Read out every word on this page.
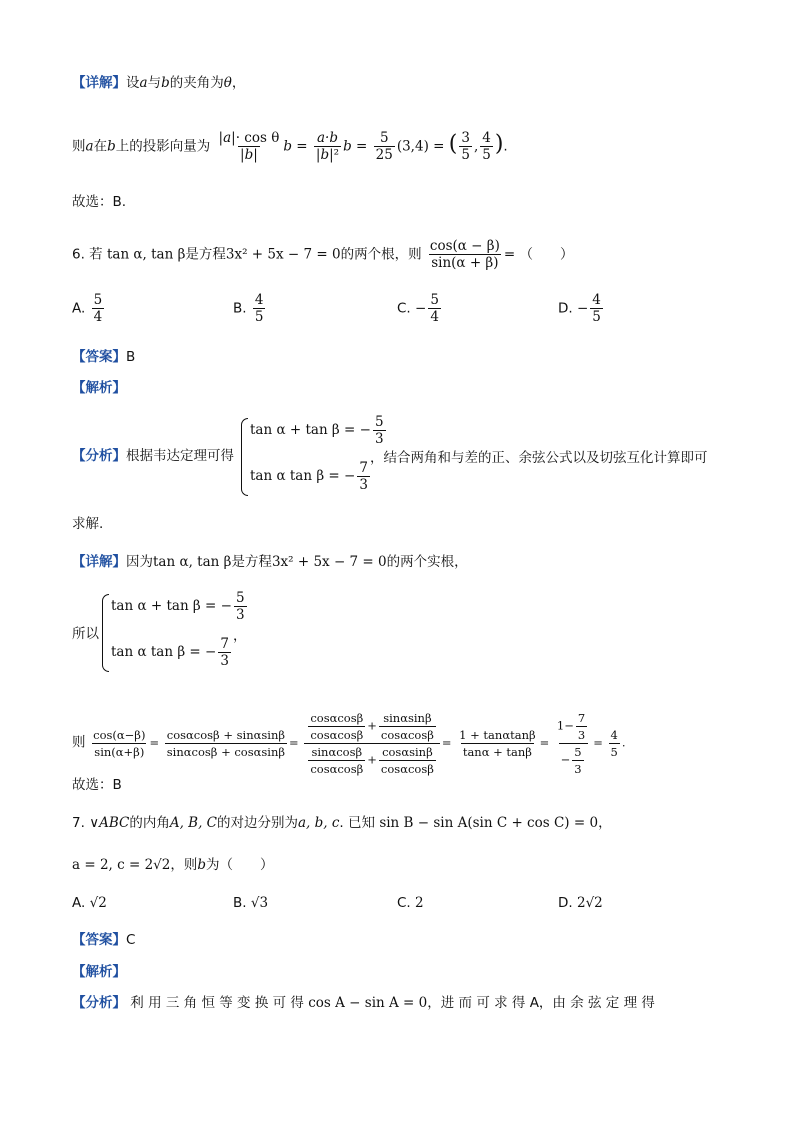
【详解】设a与b的夹角为θ，
则a在b上的投影向量为 $\frac{\text{|a|· cos θ}}{|b|}$ $b = \frac{a\cdot b}{\text{|b|²}}$ $b = \frac{5}{25} (3,4)$ = ( $\frac{3}{5}$ , $\frac{4}{5}$ ).
故选：B.
6. 若 tan α, tan β是方程3x² + 5x − 7 = 0的两个根，则 $\frac{\cos(\alpha - \beta)}{\sin(\alpha + \beta)}$ = （　　）
A. $\frac{5}{4}$	B. $\frac{4}{5}$	C. − $\frac{5}{4}$	D. − $\frac{4}{5}$
【答案】B
【解析】
【分析】根据韦达定理可得
tan α + tan β = − $\frac{5}{3}$
tan α tan β = − $\frac{7}{3}$
，结合两角和与差的正、余弦公式以及切弦互化计算即可
求解.
【详解】因为tan α, tan β是方程3x² + 5x − 7 = 0的两个实根，
所以
tan α + tan β = − $\frac{5}{3}$
tan α tan β = − $\frac{7}{3}$ ，
则 $\frac{\cos(\alpha-\beta)}{\sin(\alpha+\beta)} = \frac{\cos\alpha\cos\beta + \sin\alpha\sin\beta}{\sin\alpha\cos\beta + \cos\alpha\sin\beta} = \frac{\frac{\cos\alpha\cos\beta}{\cos\alpha\cos\beta} + \frac{\sin\alpha\sin\beta}{\cos\alpha\cos\beta}}{\frac{\sin\alpha\cos\beta}{\cos\alpha\cos\beta} + \frac{\cos\alpha\sin\beta}{\cos\alpha\cos\beta}} = \frac{1 + \tan\alpha\tan\beta}{\tan\alpha + \tan\beta} = \frac{1- \frac{7}{3}}{- \frac{5}{3}} = \frac{4}{5}$ .
故选：B
7. ∨ABC的内角A, B, C的对边分别为a, b, c. 已知 sin B − sin A(sin C + cos C) = 0，
a = 2, c = 2√2，则b为（　　）
A. √2	B. √3	C. 2	D. 2√2
【答案】C
【解析】
【分析】 利 用 三 角 恒 等 变 换 可 得 cos A − sin A = 0，进 而 可 求 得 A，由 余 弦 定 理 得
